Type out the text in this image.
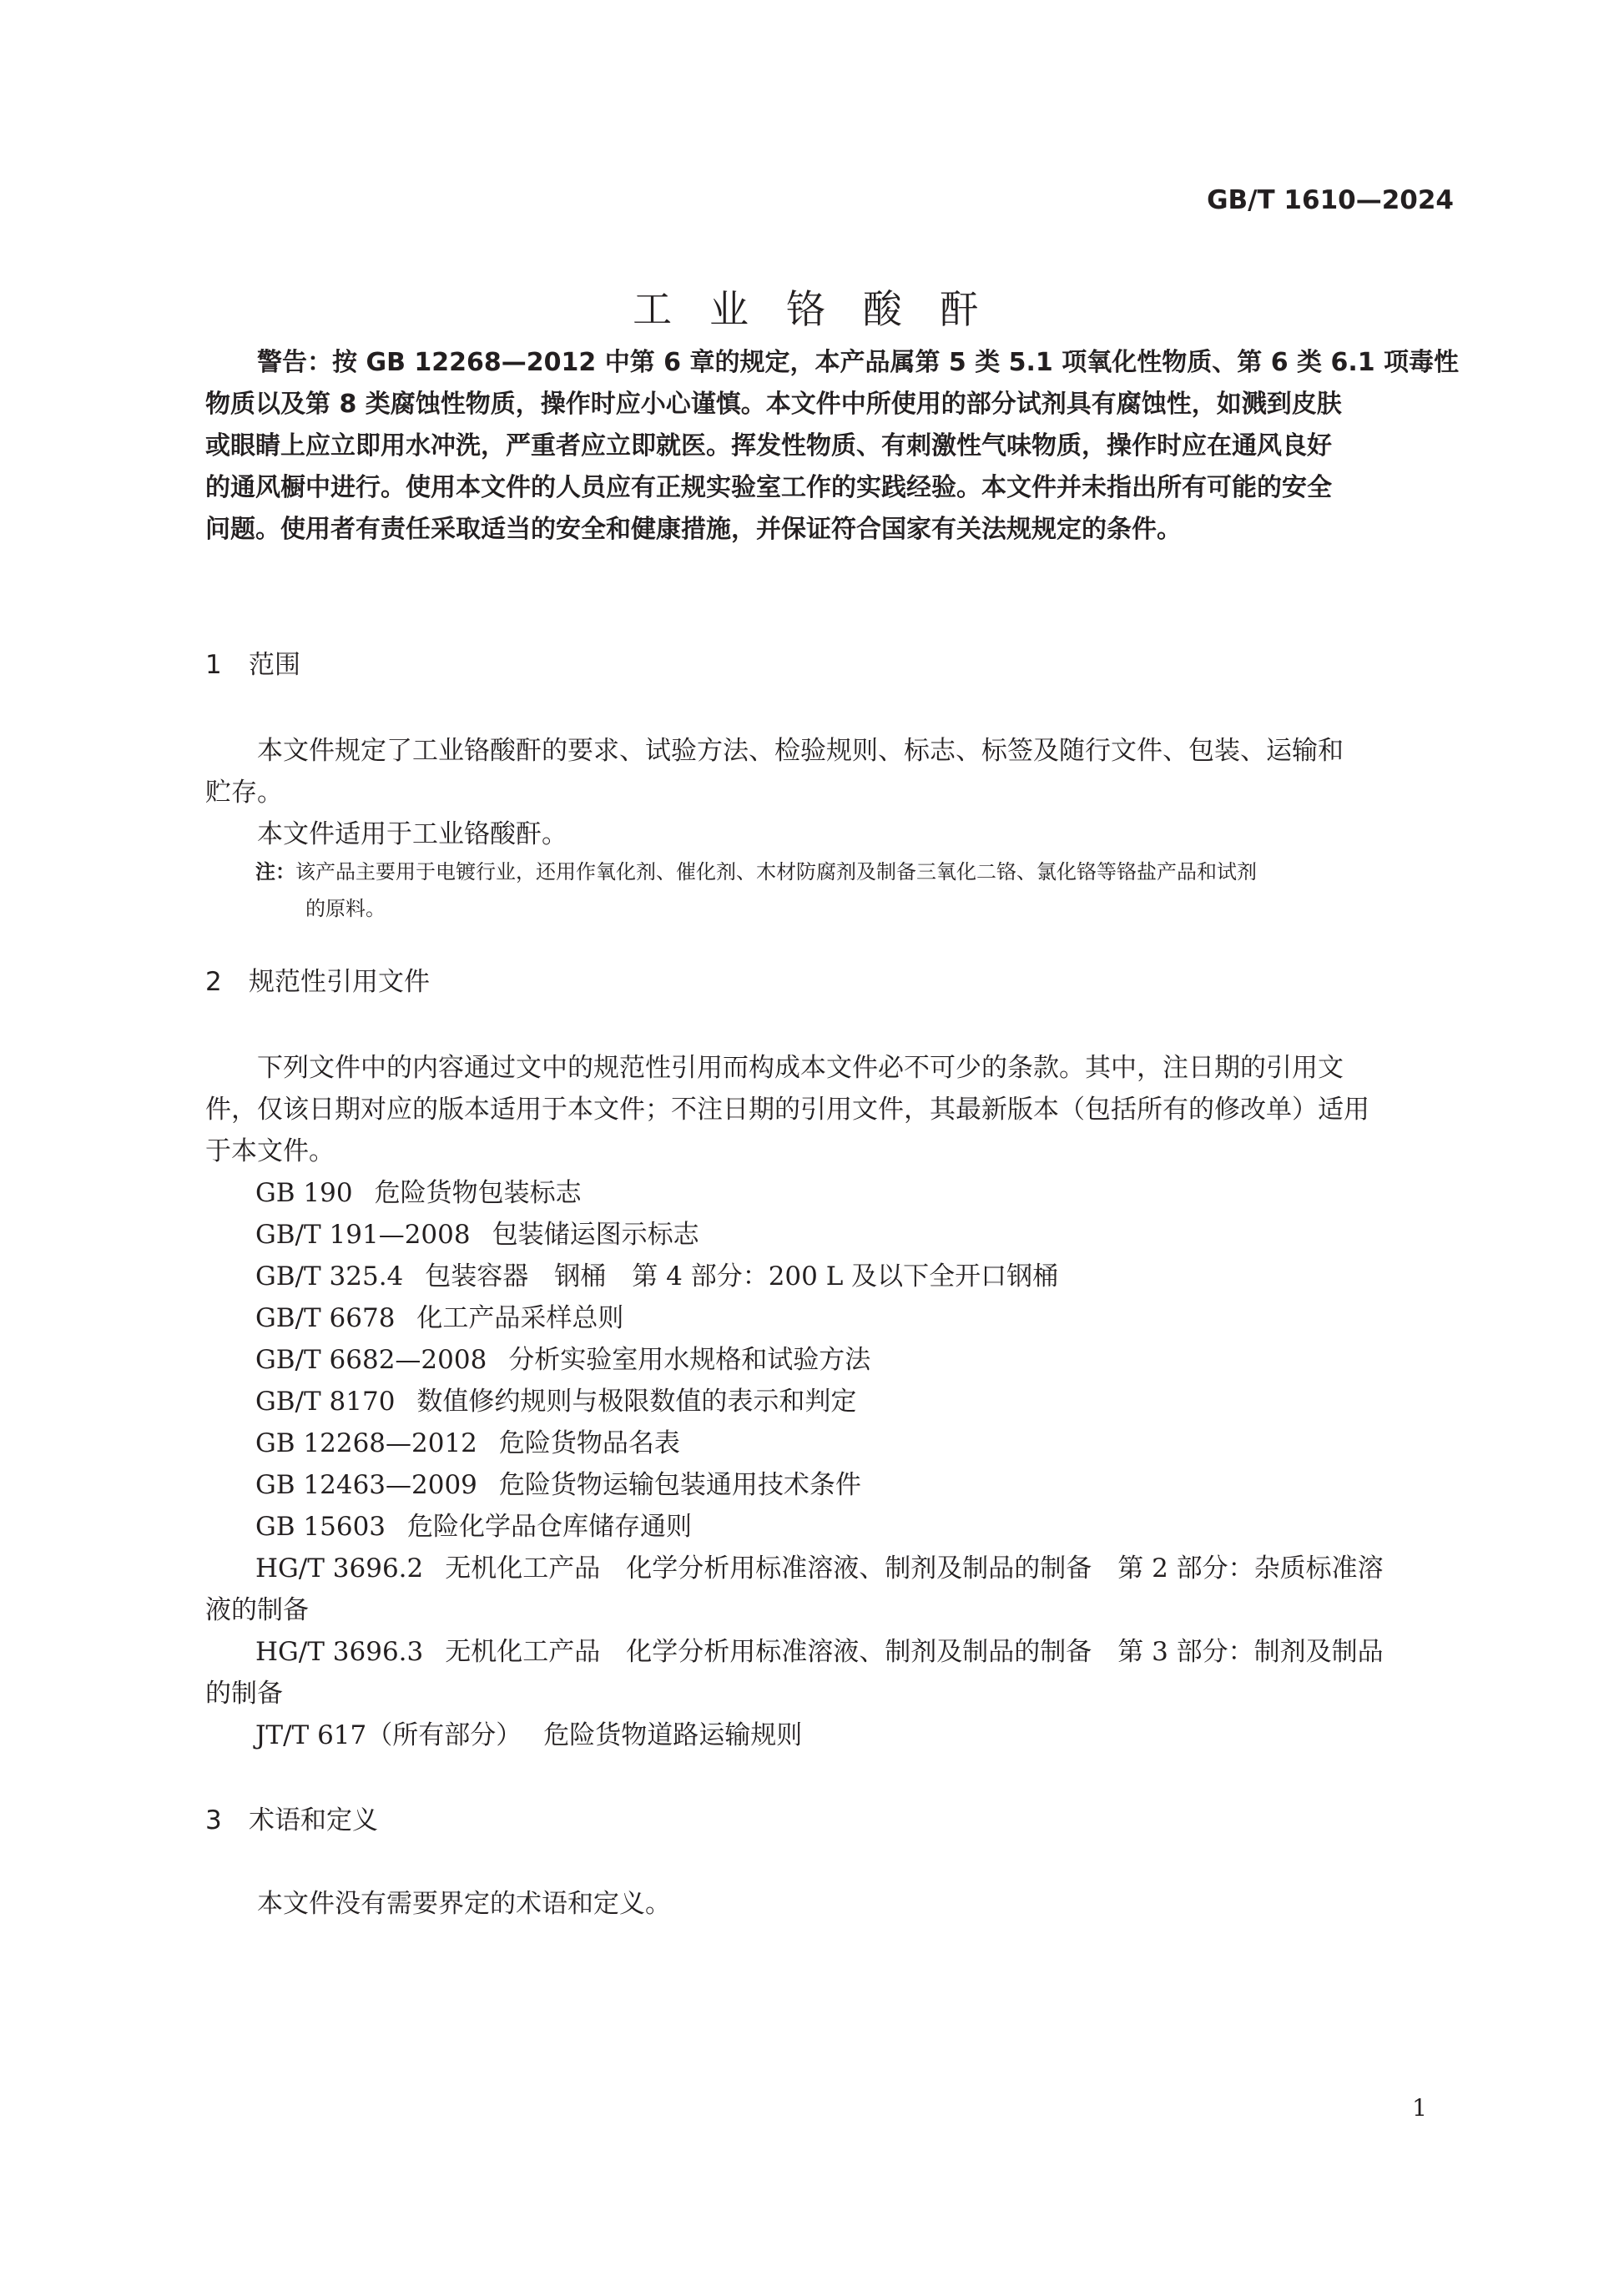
GB/T 1610—2024
工 业 铬 酸 酐
警告：按 GB 12268—2012 中第 6 章的规定，本产品属第 5 类 5.1 项氧化性物质、第 6 类 6.1 项毒性
物质以及第 8 类腐蚀性物质，操作时应小心谨慎。本文件中所使用的部分试剂具有腐蚀性，如溅到皮肤
或眼睛上应立即用水冲洗，严重者应立即就医。挥发性物质、有刺激性气味物质，操作时应在通风良好
的通风橱中进行。使用本文件的人员应有正规实验室工作的实践经验。本文件并未指出所有可能的安全
问题。使用者有责任采取适当的安全和健康措施，并保证符合国家有关法规规定的条件。
1 范围
本文件规定了工业铬酸酐的要求、试验方法、检验规则、标志、标签及随行文件、包装、运输和
贮存。
本文件适用于工业铬酸酐。
注：该产品主要用于电镀行业，还用作氧化剂、催化剂、木材防腐剂及制备三氧化二铬、氯化铬等铬盐产品和试剂
的原料。
2 规范性引用文件
下列文件中的内容通过文中的规范性引用而构成本文件必不可少的条款。其中，注日期的引用文
件，仅该日期对应的版本适用于本文件；不注日期的引用文件，其最新版本（包括所有的修改单）适用
于本文件。
GB 190 危险货物包装标志
GB/T 191—2008 包装储运图示标志
GB/T 325.4 包装容器　钢桶　第 4 部分：200 L 及以下全开口钢桶
GB/T 6678 化工产品采样总则
GB/T 6682—2008 分析实验室用水规格和试验方法
GB/T 8170 数值修约规则与极限数值的表示和判定
GB 12268—2012 危险货物品名表
GB 12463—2009 危险货物运输包装通用技术条件
GB 15603 危险化学品仓库储存通则
HG/T 3696.2 无机化工产品　化学分析用标准溶液、制剂及制品的制备　第 2 部分：杂质标准溶
液的制备
HG/T 3696.3 无机化工产品　化学分析用标准溶液、制剂及制品的制备　第 3 部分：制剂及制品
的制备
JT/T 617（所有部分） 危险货物道路运输规则
3 术语和定义
本文件没有需要界定的术语和定义。
1
